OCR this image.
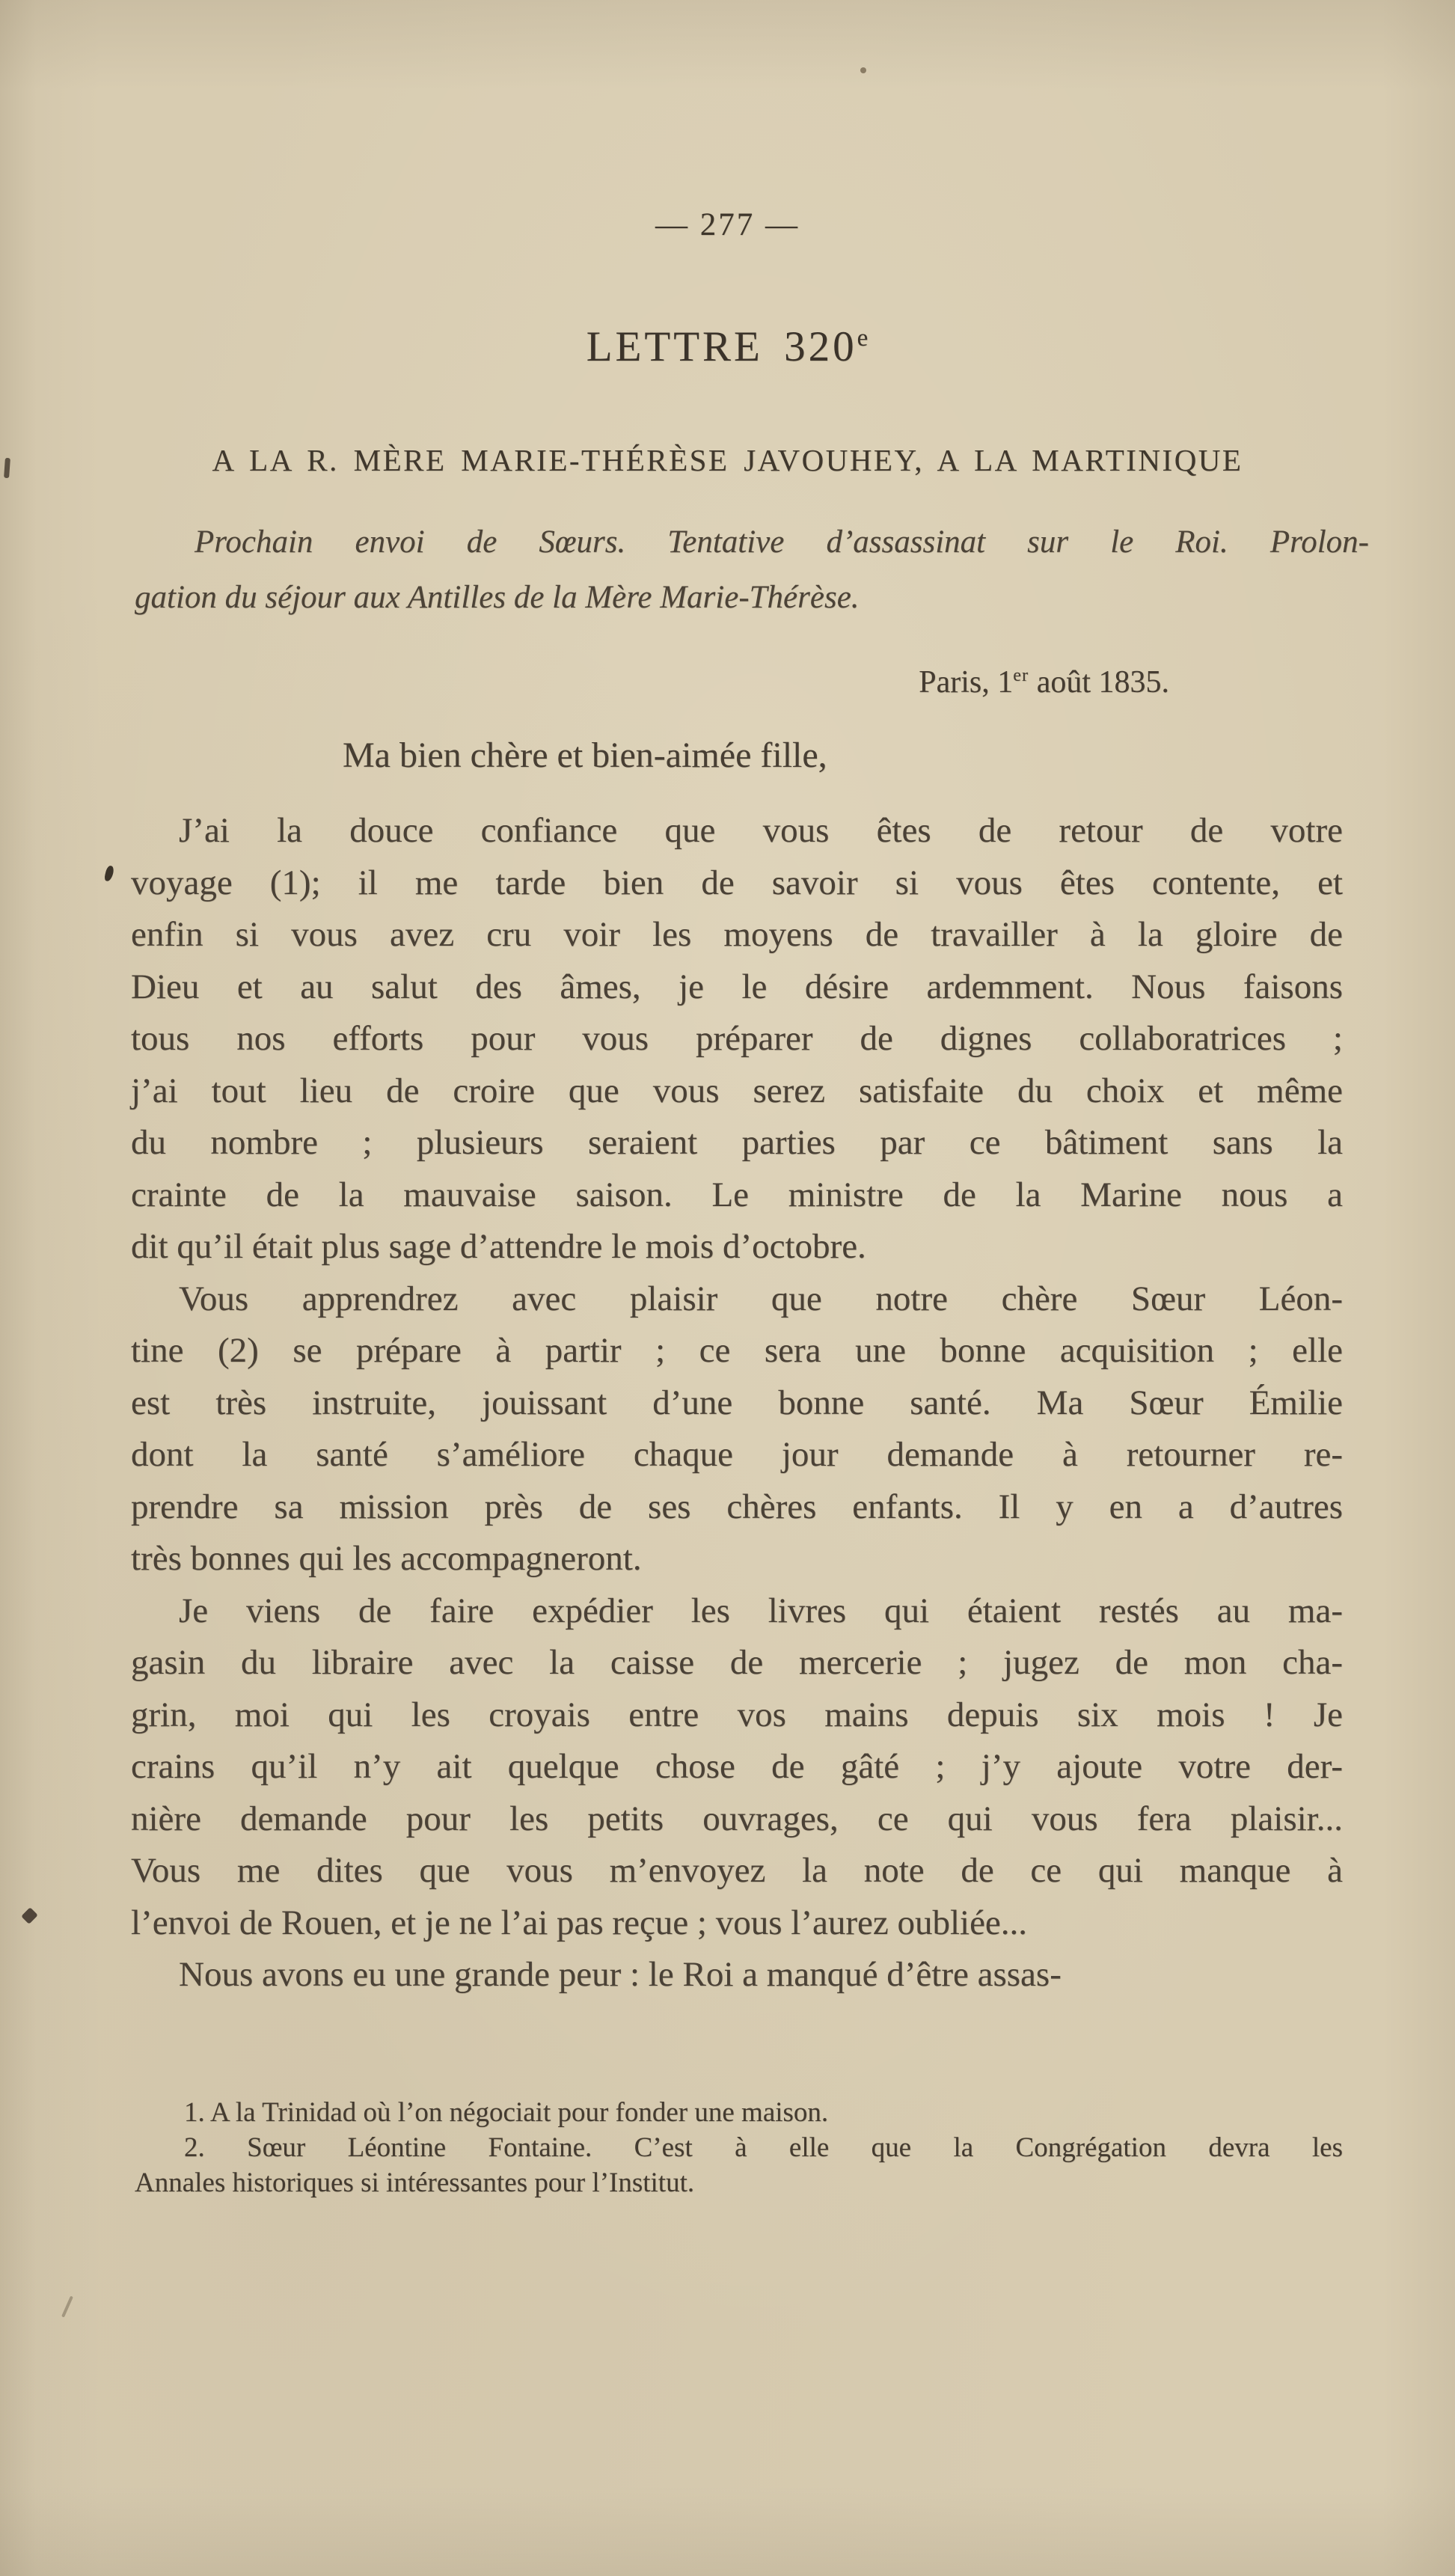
— 277 —
LETTRE 320e
A LA R. MÈRE MARIE-THÉRÈSE JAVOUHEY, A LA MARTINIQUE
Prochain envoi de Sœurs. Tentative d’assassinat sur le Roi. Prolon-
gation du séjour aux Antilles de la Mère Marie-Thérèse.
Paris, 1er août 1835.
Ma bien chère et bien-aimée fille,
J’ai la douce confiance que vous êtes de retour de votre
voyage (1); il me tarde bien de savoir si vous êtes contente, et
enfin si vous avez cru voir les moyens de travailler à la gloire de
Dieu et au salut des âmes, je le désire ardemment. Nous faisons
tous nos efforts pour vous préparer de dignes collaboratrices ;
j’ai tout lieu de croire que vous serez satisfaite du choix et même
du nombre ; plusieurs seraient parties par ce bâtiment sans la
crainte de la mauvaise saison. Le ministre de la Marine nous a
dit qu’il était plus sage d’attendre le mois d’octobre.
Vous apprendrez avec plaisir que notre chère Sœur Léon-
tine (2) se prépare à partir ; ce sera une bonne acquisition ; elle
est très instruite, jouissant d’une bonne santé. Ma Sœur Émilie
dont la santé s’améliore chaque jour demande à retourner re-
prendre sa mission près de ses chères enfants. Il y en a d’autres
très bonnes qui les accompagneront.
Je viens de faire expédier les livres qui étaient restés au ma-
gasin du libraire avec la caisse de mercerie ; jugez de mon cha-
grin, moi qui les croyais entre vos mains depuis six mois ! Je
crains qu’il n’y ait quelque chose de gâté ; j’y ajoute votre der-
nière demande pour les petits ouvrages, ce qui vous fera plaisir...
Vous me dites que vous m’envoyez la note de ce qui manque à
l’envoi de Rouen, et je ne l’ai pas reçue ; vous l’aurez oubliée...
Nous avons eu une grande peur : le Roi a manqué d’être assas-
1. A la Trinidad où l’on négociait pour fonder une maison.
2. Sœur Léontine Fontaine. C’est à elle que la Congrégation devra les
Annales historiques si intéressantes pour l’Institut.
